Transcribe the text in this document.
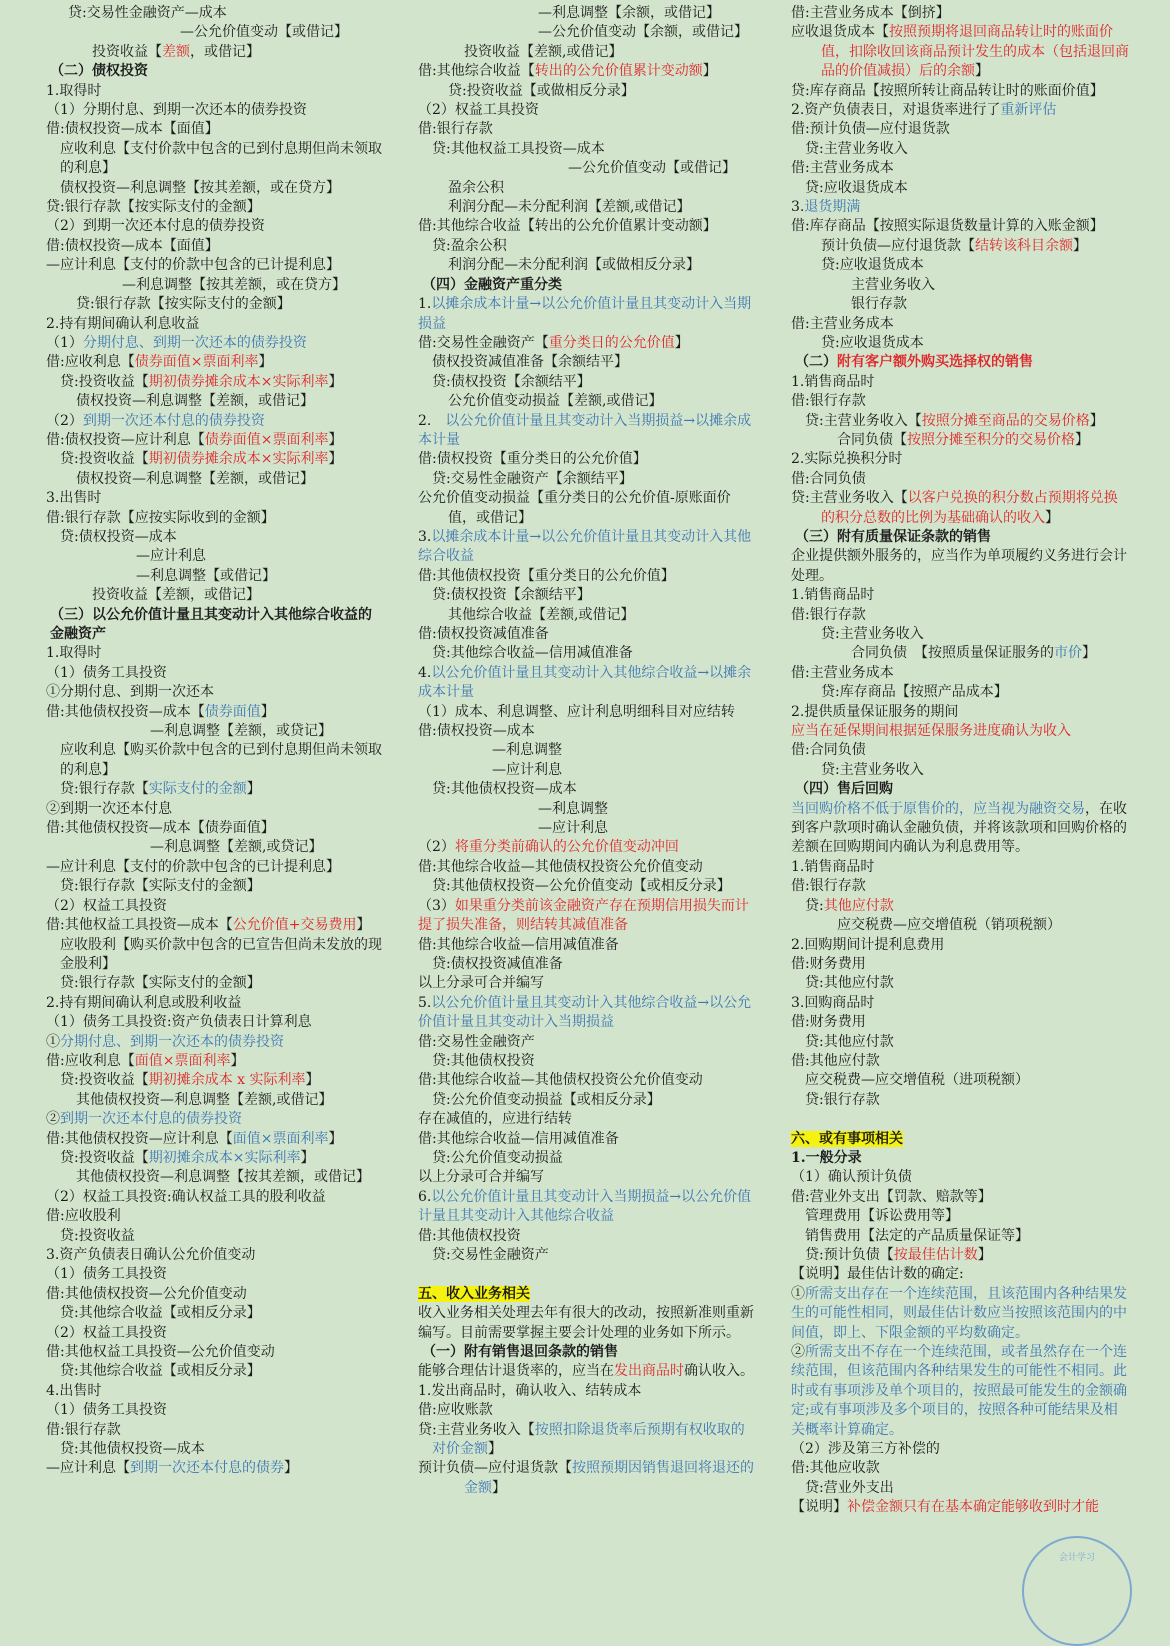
贷:交易性金融资产—成本
—公允价值变动【或借记】
投资收益【差额，或借记】
（二）债权投资
1.取得时
（1）分期付息、到期一次还本的债券投资
借:债权投资—成本【面值】
应收利息【支付价款中包含的已到付息期但尚未领取的利息】
债权投资—利息调整【按其差额，或在贷方】
贷:银行存款【按实际支付的金额】
（2）到期一次还本付息的债券投资
借:债权投资—成本【面值】
—应计利息【支付的价款中包含的已计提利息】
—利息调整【按其差额，或在贷方】
贷:银行存款【按实际支付的金额】
2.持有期间确认利息收益
（1）分期付息、到期一次还本的债券投资
借:应收利息【债券面值×票面利率】
贷:投资收益【期初债券摊余成本×实际利率】
债权投资—利息调整【差额，或借记】
（2）到期一次还本付息的债券投资
借:债权投资—应计利息【债券面值×票面利率】
贷:投资收益【期初债券摊余成本×实际利率】
债权投资—利息调整【差额，或借记】
3.出售时
借:银行存款【应按实际收到的金额】
贷:债权投资—成本
—应计利息
—利息调整【或借记】
投资收益【差额，或借记】
（三）以公允价值计量且其变动计入其他综合收益的金融资产
1.取得时
（1）债务工具投资
①分期付息、到期一次还本
借:其他债权投资—成本【债券面值】
—利息调整【差额，或贷记】
应收利息【购买价款中包含的已到付息期但尚未领取的利息】
贷:银行存款【实际支付的金额】
②到期一次还本付息
借:其他债权投资—成本【债券面值】
—利息调整【差额,或贷记】
—应计利息【支付的价款中包含的已计提利息】
贷:银行存款【实际支付的金额】
（2）权益工具投资
借:其他权益工具投资—成本【公允价值+交易费用】
应收股利【购买价款中包含的已宣告但尚未发放的现金股利】
贷:银行存款【实际支付的金额】
2.持有期间确认利息或股利收益
（1）债务工具投资:资产负债表日计算利息
①分期付息、到期一次还本的债券投资
借:应收利息【面值×票面利率】
贷:投资收益【期初摊余成本 x 实际利率】
其他债权投资—利息调整【差额,或借记】
②到期一次还本付息的债券投资
借:其他债权投资—应计利息【面值×票面利率】
贷:投资收益【期初摊余成本×实际利率】
其他债权投资—利息调整【按其差额，或借记】
（2）权益工具投资:确认权益工具的股利收益
借:应收股利
贷:投资收益
3.资产负债表日确认公允价值变动
（1）债务工具投资
借:其他债权投资—公允价值变动
贷:其他综合收益【或相反分录】
（2）权益工具投资
借:其他权益工具投资—公允价值变动
贷:其他综合收益【或相反分录】
4.出售时
（1）债务工具投资
借:银行存款
贷:其他债权投资—成本
—应计利息【到期一次还本付息的债券】
—利息调整【余额，或借记】
—公允价值变动【余额，或借记】
投资收益【差额,或借记】
借:其他综合收益【转出的公允价值累计变动额】
贷:投资收益【或做相反分录】
（2）权益工具投资
借:银行存款
贷:其他权益工具投资—成本
—公允价值变动【或借记】
盈余公积
利润分配—未分配利润【差额,或借记】
借:其他综合收益【转出的公允价值累计变动额】
贷:盈余公积
利润分配—未分配利润【或做相反分录】
（四）金融资产重分类
1.以摊余成本计量→以公允价值计量且其变动计入当期损益
借:交易性金融资产【重分类日的公允价值】
债权投资减值准备【余额结平】
贷:债权投资【余额结平】
公允价值变动损益【差额,或借记】
2.　以公允价值计量且其变动计入当期损益→以摊余成本计量
借:债权投资【重分类日的公允价值】
贷:交易性金融资产【余额结平】
公允价值变动损益【重分类日的公允价值-原账面价值，或借记】
3.以摊余成本计量→以公允价值计量且其变动计入其他综合收益
借:其他债权投资【重分类日的公允价值】
贷:债权投资【余额结平】
其他综合收益【差额,或借记】
借:债权投资减值准备
贷:其他综合收益—信用减值准备
4.以公允价值计量且其变动计入其他综合收益→以摊余成本计量
（1）成本、利息调整、应计利息明细科目对应结转
借:债权投资—成本
—利息调整
—应计利息
贷:其他债权投资—成本
—利息调整
—应计利息
（2）将重分类前确认的公允价值变动冲回
借:其他综合收益—其他债权投资公允价值变动
贷:其他债权投资—公允价值变动【或相反分录】
（3）如果重分类前该金融资产存在预期信用损失而计提了损失准备，则结转其减值准备
借:其他综合收益—信用减值准备
贷:债权投资减值准备
以上分录可合并编写
5.以公允价值计量且其变动计入其他综合收益→以公允价值计量且其变动计入当期损益
借:交易性金融资产
贷:其他债权投资
借:其他综合收益—其他债权投资公允价值变动
贷:公允价值变动损益【或相反分录】
存在减值的，应进行结转
借:其他综合收益—信用减值准备
贷:公允价值变动损益
以上分录可合并编写
6.以公允价值计量且其变动计入当期损益→以公允价值计量且其变动计入其他综合收益
借:其他债权投资
贷:交易性金融资产
五、收入业务相关
收入业务相关处理去年有很大的改动，按照新准则重新编写。目前需要掌握主要会计处理的业务如下所示。
（一）附有销售退回条款的销售
能够合理估计退货率的，应当在发出商品时确认收入。
1.发出商品时，确认收入、结转成本
借:应收账款
贷:主营业务收入【按照扣除退货率后预期有权收取的对价金额】
预计负债—应付退货款【按照预期因销售退回将退还的金额】
借:主营业务成本【倒挤】
应收退货成本【按照预期将退回商品转让时的账面价值，扣除收回该商品预计发生的成本（包括退回商品的价值减损）后的余额】
贷:库存商品【按照所转让商品转让时的账面价值】
2.资产负债表日，对退货率进行了重新评估
借:预计负债—应付退货款
贷:主营业务收入
借:主营业务成本
贷:应收退货成本
3.退货期满
借:库存商品【按照实际退货数量计算的入账金额】
预计负债—应付退货款【结转该科目余额】
贷:应收退货成本
主营业务收入
银行存款
借:主营业务成本
贷:应收退货成本
（二）附有客户额外购买选择权的销售
1.销售商品时
借:银行存款
贷:主营业务收入【按照分摊至商品的交易价格】
合同负债【按照分摊至积分的交易价格】
2.实际兑换积分时
借:合同负债
贷:主营业务收入【以客户兑换的积分数占预期将兑换的积分总数的比例为基础确认的收入】
（三）附有质量保证条款的销售
企业提供额外服务的，应当作为单项履约义务进行会计处理。
1.销售商品时
借:银行存款
贷:主营业务收入
合同负债　【按照质量保证服务的市价】
借:主营业务成本
贷:库存商品【按照产品成本】
2.提供质量保证服务的期间
应当在延保期间根据延保服务进度确认为收入
借:合同负债
贷:主营业务收入
（四）售后回购
当回购价格不低于原售价的，应当视为融资交易，在收到客户款项时确认金融负债，并将该款项和回购价格的差额在回购期间内确认为利息费用等。
1.销售商品时
借:银行存款
贷:其他应付款
应交税费—应交增值税（销项税额）
2.回购期间计提利息费用
借:财务费用
贷:其他应付款
3.回购商品时
借:财务费用
贷:其他应付款
借:其他应付款
应交税费—应交增值税（进项税额）
贷:银行存款
六、或有事项相关
1.一般分录
（1）确认预计负债
借:营业外支出【罚款、赔款等】
管理费用【诉讼费用等】
销售费用【法定的产品质量保证等】
贷:预计负债【按最佳估计数】
【说明】最佳估计数的确定:
①所需支出存在一个连续范围，且该范围内各种结果发生的可能性相同，则最佳估计数应当按照该范围内的中间值，即上、下限金额的平均数确定。
②所需支出不存在一个连续范围，或者虽然存在一个连续范围，但该范围内各种结果发生的可能性不相同。此时或有事项涉及单个项目的，按照最可能发生的金额确定;或有事项涉及多个项目的，按照各种可能结果及相关概率计算确定。
（2）涉及第三方补偿的
借:其他应收款
贷:营业外支出
【说明】补偿金额只有在基本确定能够收到时才能
会计学习
